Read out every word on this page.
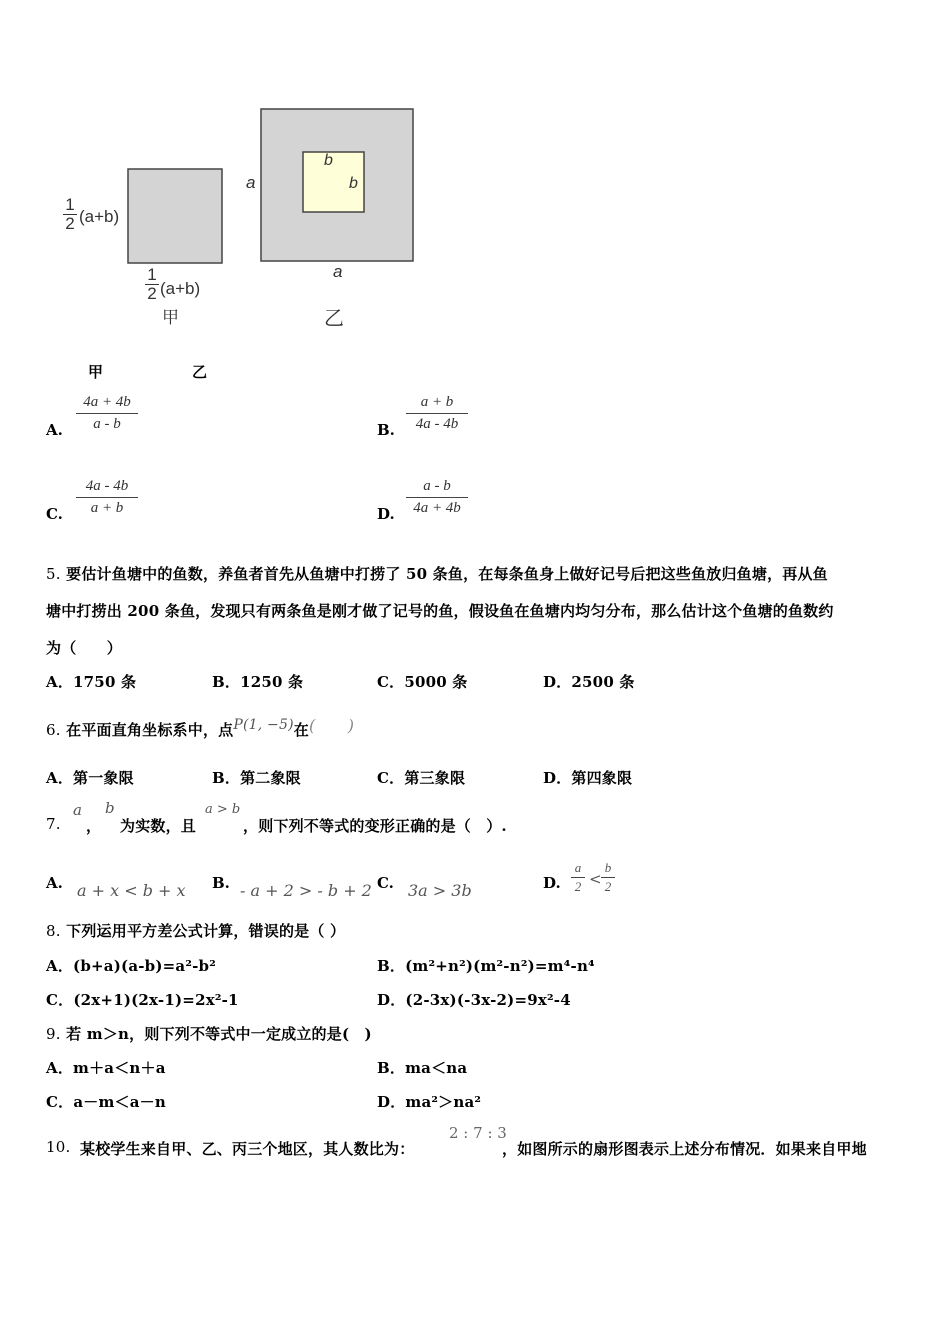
1
2 (a+b)
1
2 (a+b)
甲
a
a
b
b
乙
甲	乙
A.
4a + 4b
a - b	B.
a + b
4a - 4b
C.
4a - 4b
a + b	D.
a - b
4a + 4b
5. 要估计鱼塘中的鱼数，养鱼者首先从鱼塘中打捞了 50 条鱼，在每条鱼身上做好记号后把这些鱼放归鱼塘，再从鱼
塘中打捞出 200 条鱼，发现只有两条鱼是刚才做了记号的鱼，假设鱼在鱼塘内均匀分布，那么估计这个鱼塘的鱼数约
为（　　）
A．1750 条	B．1250 条	C．5000 条	D．2500 条
6. 在平面直角坐标系中，点P(1, −5)在(　　)
A．第一象限	B．第二象限	C．第三象限	D．第四象限
7.
a
，
b
为实数，且
a > b
，则下列不等式的变形正确的是（　）.
A. a + x < b + x B. - a + 2 > - b + 2 C. 3a > 3b	D.
a
2 <
b
2
8. 下列运用平方差公式计算，错误的是（ ）
A．(b+a)(a-b)=a²-b²	B．(m²+n²)(m²-n²)=m⁴-n⁴
C．(2x+1)(2x-1)=2x²-1	D．(2-3x)(-3x-2)=9x²-4
9. 若 m＞n，则下列不等式中一定成立的是(　)
A．m＋a＜n＋a	B．ma＜na
C．a－m＜a－n	D．ma²＞na²
10. 某校学生来自甲、乙、丙三个地区，其人数比为：
2 : 7 : 3
，如图所示的扇形图表示上述分布情况．如果来自甲地
